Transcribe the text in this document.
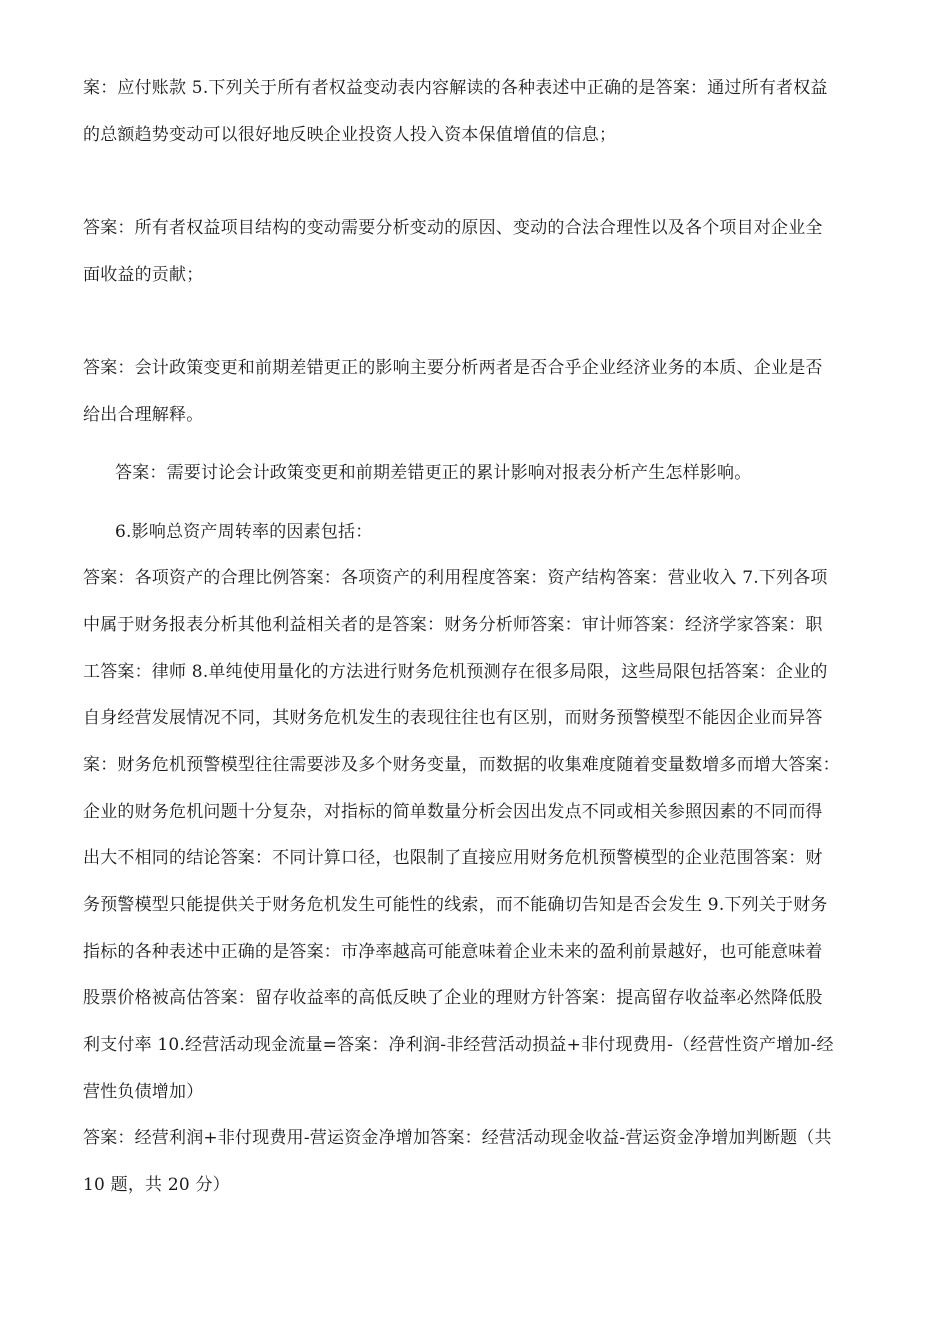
案：应付账款 5.下列关于所有者权益变动表内容解读的各种表述中正确的是答案：通过所有者权益
的总额趋势变动可以很好地反映企业投资人投入资本保值增值的信息；
答案：所有者权益项目结构的变动需要分析变动的原因、变动的合法合理性以及各个项目对企业全
面收益的贡献；
答案：会计政策变更和前期差错更正的影响主要分析两者是否合乎企业经济业务的本质、企业是否
给出合理解释。
答案：需要讨论会计政策变更和前期差错更正的累计影响对报表分析产生怎样影响。
6.影响总资产周转率的因素包括：
答案：各项资产的合理比例答案：各项资产的利用程度答案：资产结构答案：营业收入 7.下列各项
中属于财务报表分析其他利益相关者的是答案：财务分析师答案：审计师答案：经济学家答案：职
工答案：律师 8.单纯使用量化的方法进行财务危机预测存在很多局限，这些局限包括答案：企业的
自身经营发展情况不同，其财务危机发生的表现往往也有区别，而财务预警模型不能因企业而异答
案：财务危机预警模型往往需要涉及多个财务变量，而数据的收集难度随着变量数增多而增大答案：
企业的财务危机问题十分复杂，对指标的简单数量分析会因出发点不同或相关参照因素的不同而得
出大不相同的结论答案：不同计算口径，也限制了直接应用财务危机预警模型的企业范围答案：财
务预警模型只能提供关于财务危机发生可能性的线索，而不能确切告知是否会发生 9.下列关于财务
指标的各种表述中正确的是答案：市净率越高可能意味着企业未来的盈利前景越好，也可能意味着
股票价格被高估答案：留存收益率的高低反映了企业的理财方针答案：提高留存收益率必然降低股
利支付率 10.经营活动现金流量=答案：净利润-非经营活动损益+非付现费用-（经营性资产增加-经
营性负债增加）
答案：经营利润+非付现费用-营运资金净增加答案：经营活动现金收益-营运资金净增加判断题（共
10 题，共 20 分）
